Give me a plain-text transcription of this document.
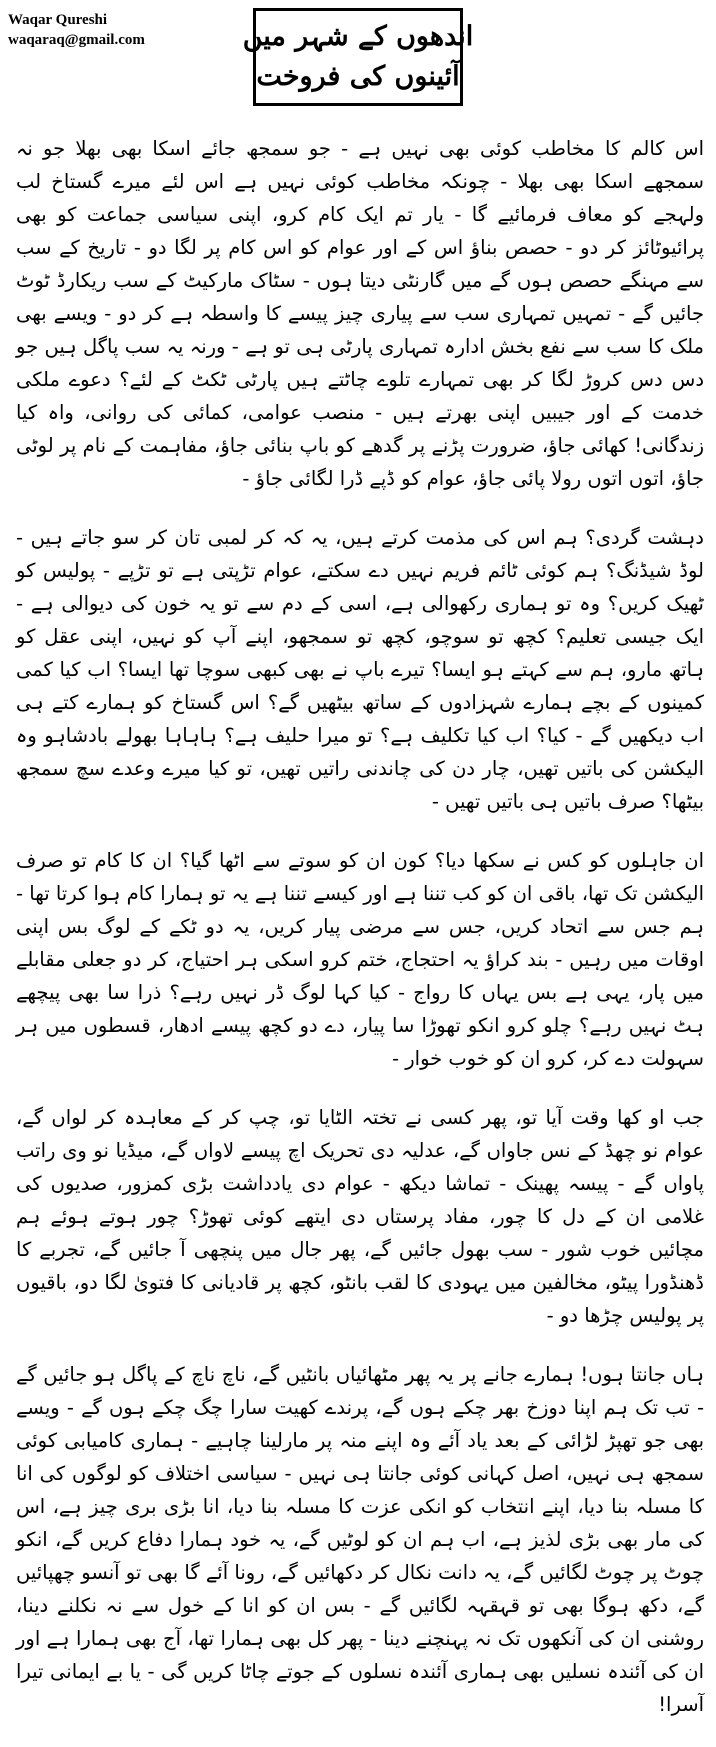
Waqar Qureshi
waqaraq@gmail.com	اندھوں کے شہر میں
آئینوں کی فروخت

اس کالم کا مخاطب کوئی بھی نہیں ہے - جو سمجھ جائے اسکا بھی بھلا جو نہ سمجھے اسکا بھی بھلا - چونکہ مخاطب کوئی نہیں ہے اس لئے میرے گستاخ لب ولہجے کو معاف فرمائیے گا - یار تم ایک کام کرو، اپنی سیاسی جماعت کو بھی پرائیوٹائز کر دو - حصص بناؤ اس کے اور عوام کو اس کام پر لگا دو - تاریخ کے سب سے مہنگے حصص ہوں گے میں گارنٹی دیتا ہوں - سٹاک مارکیٹ کے سب ریکارڈ ٹوٹ جائیں گے - تمہیں تمہاری سب سے پیاری چیز پیسے کا واسطہ ہے کر دو - ویسے بھی ملک کا سب سے نفع بخش ادارہ تمہاری پارٹی ہی تو ہے - ورنہ یہ سب پاگل ہیں جو دس دس کروڑ لگا کر بھی تمہارے تلوے چاٹتے ہیں پارٹی ٹکٹ کے لئے؟ دعوے ملکی خدمت کے اور جیبیں اپنی بھرتے ہیں - منصب عوامی، کمائی کی روانی، واہ کیا زندگانی! کھائی جاؤ، ضرورت پڑنے پر گدھے کو باپ بنائی جاؤ، مفاہمت کے نام پر لوٹی جاؤ، اتوں اتوں رولا پائی جاؤ، عوام کو ڈپے ڈرا لگائی جاؤ -

دہشت گردی؟ ہم اس کی مذمت کرتے ہیں، یہ کہ کر لمبی تان کر سو جاتے ہیں - لوڈ شیڈنگ؟ ہم کوئی ٹائم فریم نہیں دے سکتے، عوام تڑپتی ہے تو تڑپے - پولیس کو ٹھیک کریں؟ وہ تو ہماری رکھوالی ہے، اسی کے دم سے تو یہ خون کی دیوالی ہے - ایک جیسی تعلیم؟ کچھ تو سوچو، کچھ تو سمجھو، اپنے آپ کو نہیں، اپنی عقل کو ہاتھ مارو، ہم سے کہتے ہو ایسا؟ تیرے باپ نے بھی کبھی سوچا تھا ایسا؟ اب کیا کمی کمینوں کے بچے ہمارے شہزادوں کے ساتھ بیٹھیں گے؟ اس گستاخ کو ہمارے کتے ہی اب دیکھیں گے - کیا؟ اب کیا تکلیف ہے؟ تو میرا حلیف ہے؟ ہاہاہا بھولے بادشاہو وہ الیکشن کی باتیں تھیں، چار دن کی چاندنی راتیں تھیں، تو کیا میرے وعدے سچ سمجھ بیٹھا؟ صرف باتیں ہی باتیں تھیں -

ان جاہلوں کو کس نے سکھا دیا؟ کون ان کو سوتے سے اٹھا گیا؟ ان کا کام تو صرف الیکشن تک تھا، باقی ان کو کب تننا ہے اور کیسے تننا ہے یہ تو ہمارا کام ہوا کرتا تھا - ہم جس سے اتحاد کریں، جس سے مرضی پیار کریں، یہ دو ٹکے کے لوگ بس اپنی اوقات میں رہیں - بند کراؤ یہ احتجاج، ختم کرو اسکی ہر احتیاج، کر دو جعلی مقابلے میں پار، یہی ہے بس یہاں کا رواج - کیا کہا لوگ ڈر نہیں رہے؟ ذرا سا بھی پیچھے ہٹ نہیں رہے؟ چلو کرو انکو تھوڑا سا پیار، دے دو کچھ پیسے ادھار، قسطوں میں ہر سہولت دے کر، کرو ان کو خوب خوار -

جب او کھا وقت آیا تو، پھر کسی نے تختہ الٹایا تو، چپ کر کے معاہدہ کر لواں گے، عوام نو چھڈ کے نس جاواں گے، عدلیہ دی تحریک اچ پیسے لاواں گے، میڈیا نو وی راتب پاواں گے - پیسہ پھینک - تماشا دیکھ - عوام دی یادداشت بڑی کمزور، صدیوں کی غلامی ان کے دل کا چور، مفاد پرستاں دی ایتھے کوئی تھوڑ؟ چور ہوتے ہوئے ہم مچائیں خوب شور - سب بھول جائیں گے، پھر جال میں پنچھی آ جائیں گے، تجربے کا ڈھنڈورا پیٹو، مخالفین میں یہودی کا لقب بانٹو، کچھ پر قادیانی کا فتویٰ لگا دو، باقیوں پر پولیس چڑھا دو -

ہاں جانتا ہوں! ہمارے جانے پر یہ پھر مٹھائیاں بانٹیں گے، ناچ ناچ کے پاگل ہو جائیں گے - تب تک ہم اپنا دوزخ بھر چکے ہوں گے، پرندے کھیت سارا چگ چکے ہوں گے - ویسے بھی جو تھپڑ لڑائی کے بعد یاد آئے وہ اپنے منہ پر مارلینا چاہیے - ہماری کامیابی کوئی سمجھ ہی نہیں، اصل کہانی کوئی جانتا ہی نہیں - سیاسی اختلاف کو لوگوں کی انا کا مسلہ بنا دیا، اپنے انتخاب کو انکی عزت کا مسلہ بنا دیا، انا بڑی بری چیز ہے، اس کی مار بھی بڑی لذیز ہے، اب ہم ان کو لوٹیں گے، یہ خود ہمارا دفاع کریں گے، انکو چوٹ پر چوٹ لگائیں گے، یہ دانت نکال کر دکھائیں گے، رونا آئے گا بھی تو آنسو چھپائیں گے، دکھ ہوگا بھی تو قہقہہ لگائیں گے - بس ان کو انا کے خول سے نہ نکلنے دینا، روشنی ان کی آنکھوں تک نہ پہنچنے دینا - پھر کل بھی ہمارا تھا، آج بھی ہمارا ہے اور ان کی آئندہ نسلیں بھی ہماری آئندہ نسلوں کے جوتے چاٹا کریں گی - یا بے ایمانی تیرا آسرا!
